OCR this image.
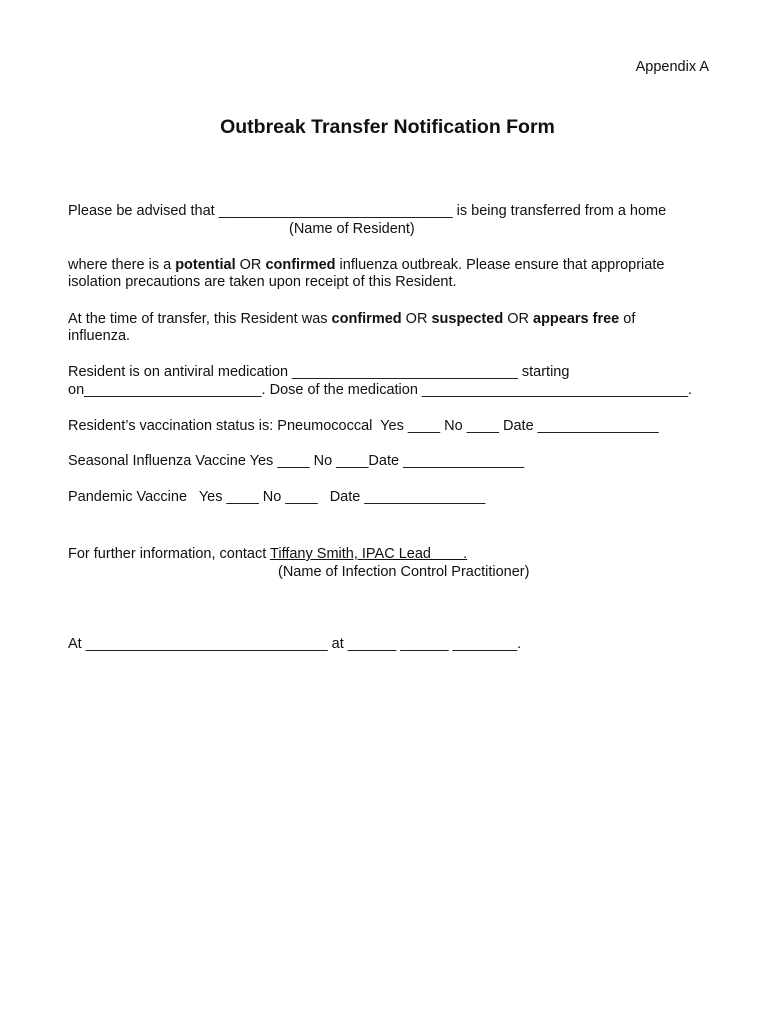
Appendix A
Outbreak Transfer Notification Form
Please be advised that _____________________________ is being transferred from a home
(Name of Resident)
where there is a potential OR confirmed influenza outbreak. Please ensure that appropriate
isolation precautions are taken upon receipt of this Resident.
At the time of transfer, this Resident was confirmed OR suspected OR appears free of
influenza.
Resident is on antiviral medication ____________________________ starting
on______________________. Dose of the medication _________________________________.
Resident’s vaccination status is: Pneumococcal  Yes ____ No ____ Date _______________
Seasonal Influenza Vaccine Yes ____ No ____Date _______________
Pandemic Vaccine   Yes ____ No ____   Date _______________
For further information, contact Tiffany Smith, IPAC Lead        .
(Name of Infection Control Practitioner)
At ______________________________ at ______ ______ ________.
